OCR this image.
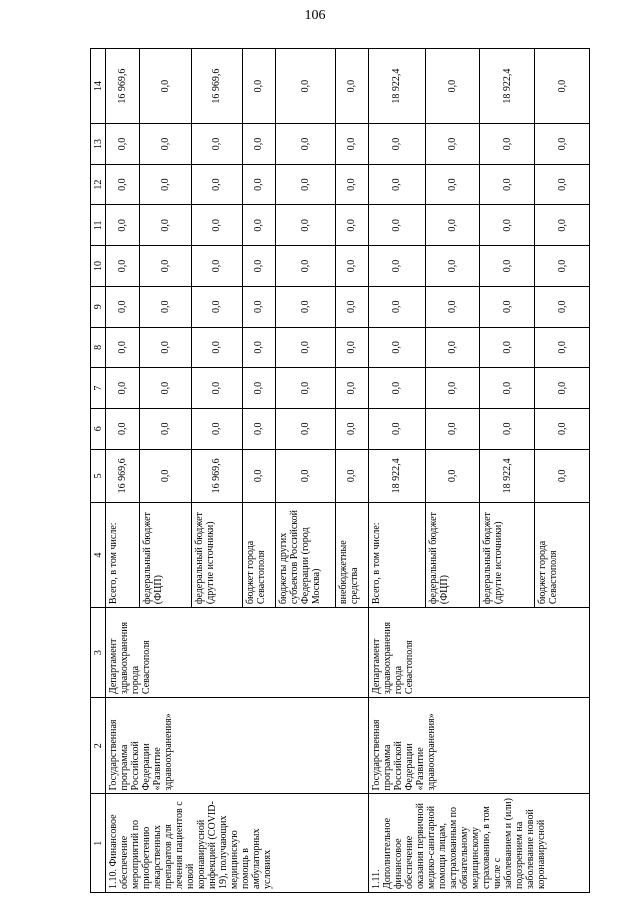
106
1	2	3	4	5	6	7	8	9	10	11	12	13	14
1.10. Финансовое обеспечение мероприятий по приобретению лекарственных препаратов для лечения пациентов с новой коронавирусной инфекцией (COVID-19), получающих медицинскую помощь в амбулаторных условиях	Государственная программа Российской Федерации «Развитие здравоохранения»	Департамент здравоохранения города Севастополя	Всего, в том числе:	16 969,6	0,0	0,0	0,0	0,0	0,0	0,0	0,0	0,0	16 969,6
			федеральный бюджет (ФЦП)	0,0	0,0	0,0	0,0	0,0	0,0	0,0	0,0	0,0	0,0
			федеральный бюджет (другие источники)	16 969,6	0,0	0,0	0,0	0,0	0,0	0,0	0,0	0,0	16 969,6
			бюджет города Севастополя	0,0	0,0	0,0	0,0	0,0	0,0	0,0	0,0	0,0	0,0
			бюджеты других субъектов Российской Федерации (город Москва)	0,0	0,0	0,0	0,0	0,0	0,0	0,0	0,0	0,0	0,0
			внебюджетные средства	0,0	0,0	0,0	0,0	0,0	0,0	0,0	0,0	0,0	0,0
1.11. Дополнительное финансовое обеспечение оказания первичной медико-санитарной помощи лицам, застрахованным по обязательному медицинскому страхованию, в том числе с заболеванием и (или) подозрением на заболевание новой коронавирусной	Государственная программа Российской Федерации «Развитие здравоохранения»	Департамент здравоохранения города Севастополя	Всего, в том числе:	18 922,4	0,0	0,0	0,0	0,0	0,0	0,0	0,0	0,0	18 922,4
			федеральный бюджет (ФЦП)	0,0	0,0	0,0	0,0	0,0	0,0	0,0	0,0	0,0	0,0
			федеральный бюджет (другие источники)	18 922,4	0,0	0,0	0,0	0,0	0,0	0,0	0,0	0,0	18 922,4
			бюджет города Севастополя	0,0	0,0	0,0	0,0	0,0	0,0	0,0	0,0	0,0	0,0
